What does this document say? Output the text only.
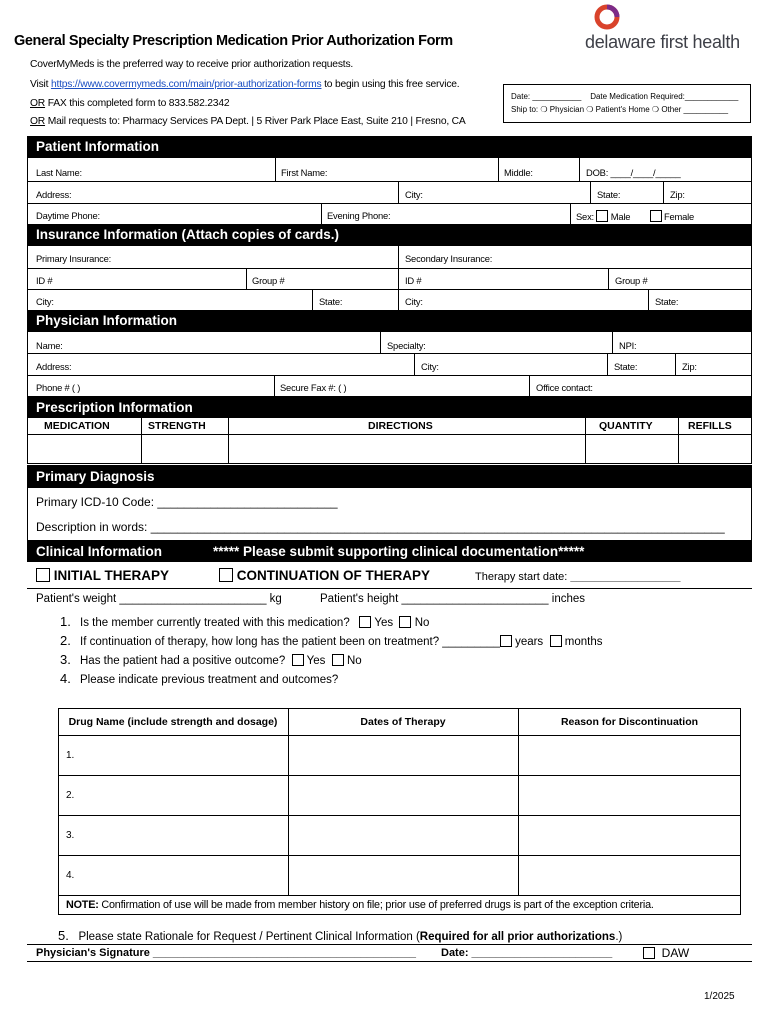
General Specialty Prescription Medication Prior Authorization Form	delaware first health
CoverMyMeds is the preferred way to receive prior authorization requests.
Visit https://www.covermymeds.com/main/prior-authorization-forms to begin using this free service.
OR FAX this completed form to 833.582.2342
OR Mail requests to: Pharmacy Services PA Dept. | 5 River Park Place East, Suite 210 | Fresno, CA
Date: ___________ Date Medication Required:____________
Ship to: ❍ Physician ❍ Patient's Home ❍ Other __________
Patient Information
Last Name:	First Name:	Middle:	DOB: ____/____/_____
Address:	City:	State:	Zip:
Daytime Phone:	Evening Phone:	Sex: Male	Female
Insurance Information (Attach copies of cards.)
Primary Insurance:	Secondary Insurance:
ID #	Group #	ID #	Group #
City:	State:	City:	State:
Physician Information
Name:	Specialty:	NPI:
Address:	City:	State:	Zip:
Phone # ( )	Secure Fax #: ( )	Office contact:
Prescription Information
MEDICATION	STRENGTH	DIRECTIONS	QUANTITY	REFILLS
Primary Diagnosis
Primary ICD-10 Code: ___________________________
Description in words: ______________________________________________________________________________________
Clinical Information	***** Please submit supporting clinical documentation*****
INITIAL THERAPY	CONTINUATION OF THERAPY	Therapy start date: __________________
Patient's weight _______________________ kg	Patient's height _______________________ inches
1. Is the member currently treated with this medication? Yes No
2. If continuation of therapy, how long has the patient been on treatment? _________ years months
3. Has the patient had a positive outcome? Yes No
4. Please indicate previous treatment and outcomes?
Drug Name (include strength and dosage)	Dates of Therapy	Reason for Discontinuation
1.
2.
3.
4.
NOTE: Confirmation of use will be made from member history on file; prior use of preferred drugs is part of the exception criteria.
5. Please state Rationale for Request / Pertinent Clinical Information (Required for all prior authorizations.)
Physician's Signature ___________________________________________ Date: _______________________	DAW
1/2025
